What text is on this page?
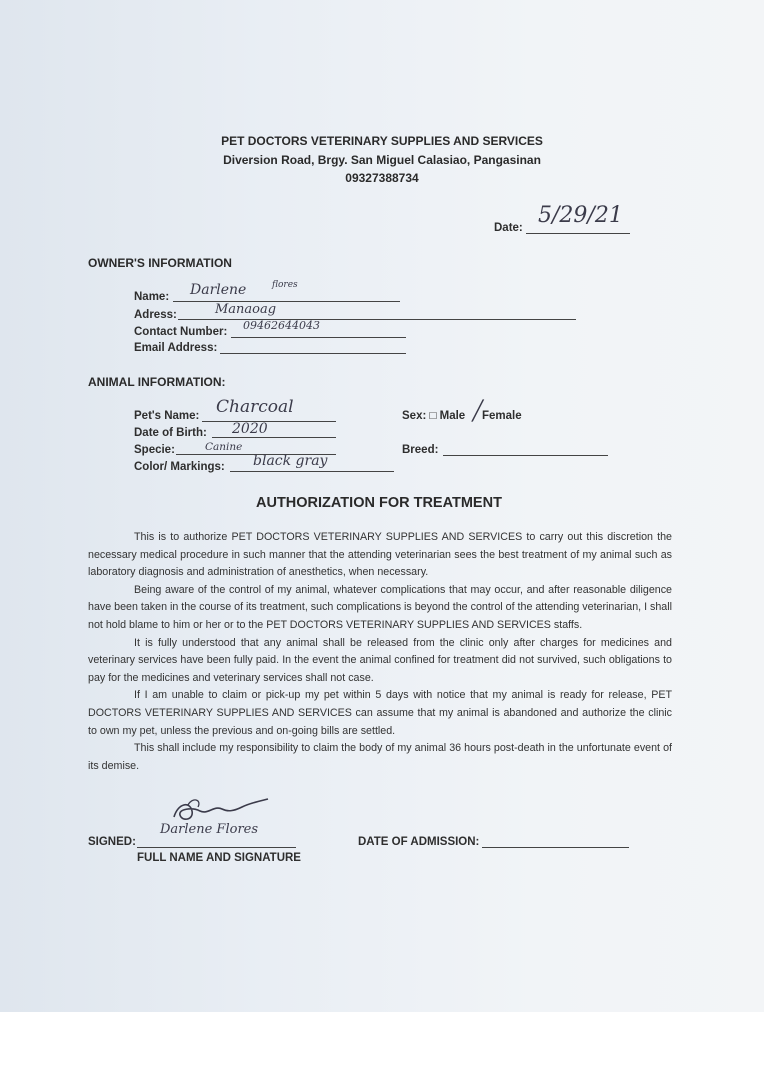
PET DOCTORS VETERINARY SUPPLIES AND SERVICES
Diversion Road, Brgy. San Miguel Calasiao, Pangasinan
09327388734
Date: 5/29/21
OWNER'S INFORMATION
Name: Darlene	flores
Adress:	Manaoag
Contact Number: 09462644043
Email Address:
ANIMAL INFORMATION:
Pet's Name: Charcoal
Date of Birth: 2020
Specie:	Canine
Color/ Markings: black gray
Sex: □ Male ╱
Female
Breed:
AUTHORIZATION FOR TREATMENT

This is to authorize PET DOCTORS VETERINARY SUPPLIES AND SERVICES to carry out this discretion the necessary medical procedure in such manner that the attending veterinarian sees the best treatment of my animal such as laboratory diagnosis and administration of anesthetics, when necessary.

Being aware of the control of my animal, whatever complications that may occur, and after reasonable diligence have been taken in the course of its treatment, such complications is beyond the control of the attending veterinarian, I shall not hold blame to him or her or to the PET DOCTORS VETERINARY SUPPLIES AND SERVICES staffs.

It is fully understood that any animal shall be released from the clinic only after charges for medicines and veterinary services have been fully paid. In the event the animal confined for treatment did not survived, such obligations to pay for the medicines and veterinary services shall not case.

If I am unable to claim or pick-up my pet within 5 days with notice that my animal is ready for release, PET DOCTORS VETERINARY SUPPLIES AND SERVICES can assume that my animal is abandoned and authorize the clinic to own my pet, unless the previous and on-going bills are settled.

This shall include my responsibility to claim the body of my animal 36 hours post-death in the unfortunate event of its demise.

Darlene Flores
SIGNED:
FULL NAME AND SIGNATURE
DATE OF ADMISSION:
